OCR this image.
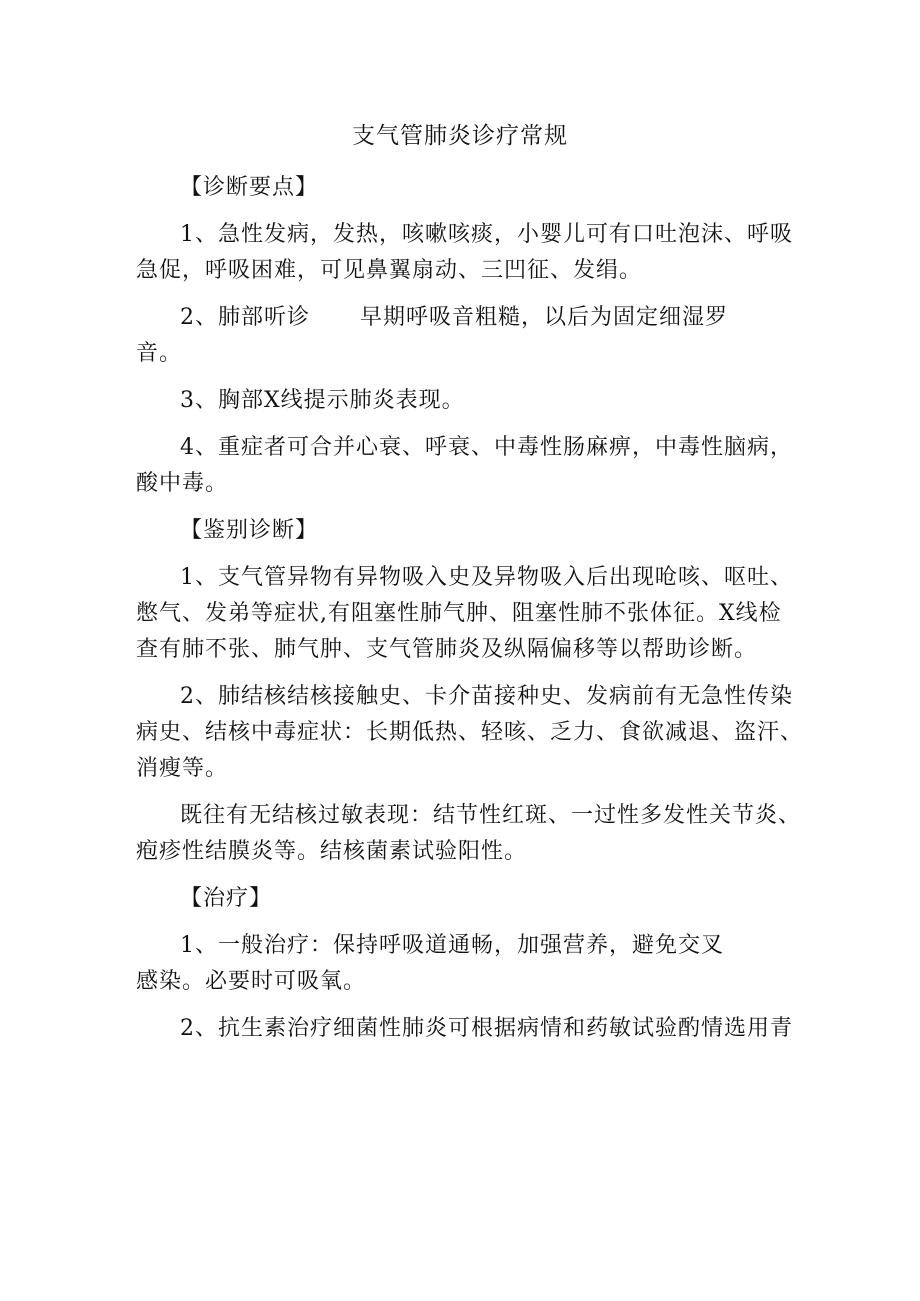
支气管肺炎诊疗常规
【诊断要点】
1、急性发病，发热，咳嗽咳痰，小婴儿可有口吐泡沫、呼吸
急促，呼吸困难，可见鼻翼扇动、三凹征、发绢。
2、肺部听诊 早期呼吸音粗糙，以后为固定细湿罗
音。
3、胸部X线提示肺炎表现。
4、重症者可合并心衰、呼衰、中毒性肠麻痹，中毒性脑病，
酸中毒。
【鉴别诊断】
1、支气管异物有异物吸入史及异物吸入后出现呛咳、呕吐、
憋气、发弟等症状,有阻塞性肺气肿、阻塞性肺不张体征。X线检
查有肺不张、肺气肿、支气管肺炎及纵隔偏移等以帮助诊断。
2、肺结核结核接触史、卡介苗接种史、发病前有无急性传染
病史、结核中毒症状：长期低热、轻咳、乏力、食欲减退、盗汗、
消瘦等。
既往有无结核过敏表现：结节性红斑、一过性多发性关节炎、
疱疹性结膜炎等。结核菌素试验阳性。
【治疗】
1、一般治疗：保持呼吸道通畅，加强营养，避免交叉
感染。必要时可吸氧。
2、抗生素治疗细菌性肺炎可根据病情和药敏试验酌情选用青
